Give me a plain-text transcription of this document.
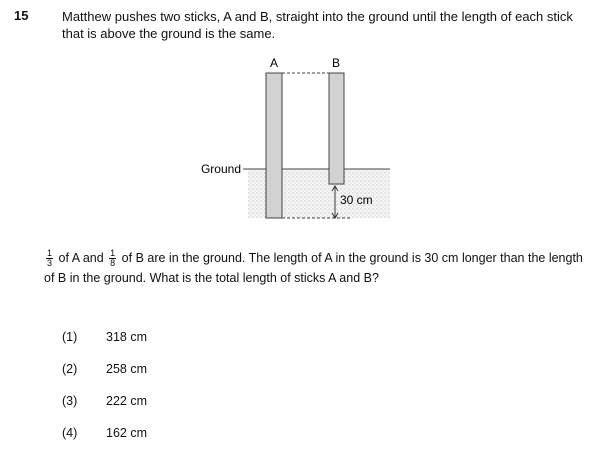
15	Matthew pushes two sticks, A and B, straight into the ground until the length of each stick that is above the ground is the same.
A	B
Ground
30 cm
$\frac{1}{3}$ of A and $\frac{1}{8}$ of B are in the ground. The length of A in the ground is 30 cm longer than the length of B in the ground. What is the total length of sticks A and B?
(1) 318 cm
(2) 258 cm
(3) 222 cm
(4) 162 cm
